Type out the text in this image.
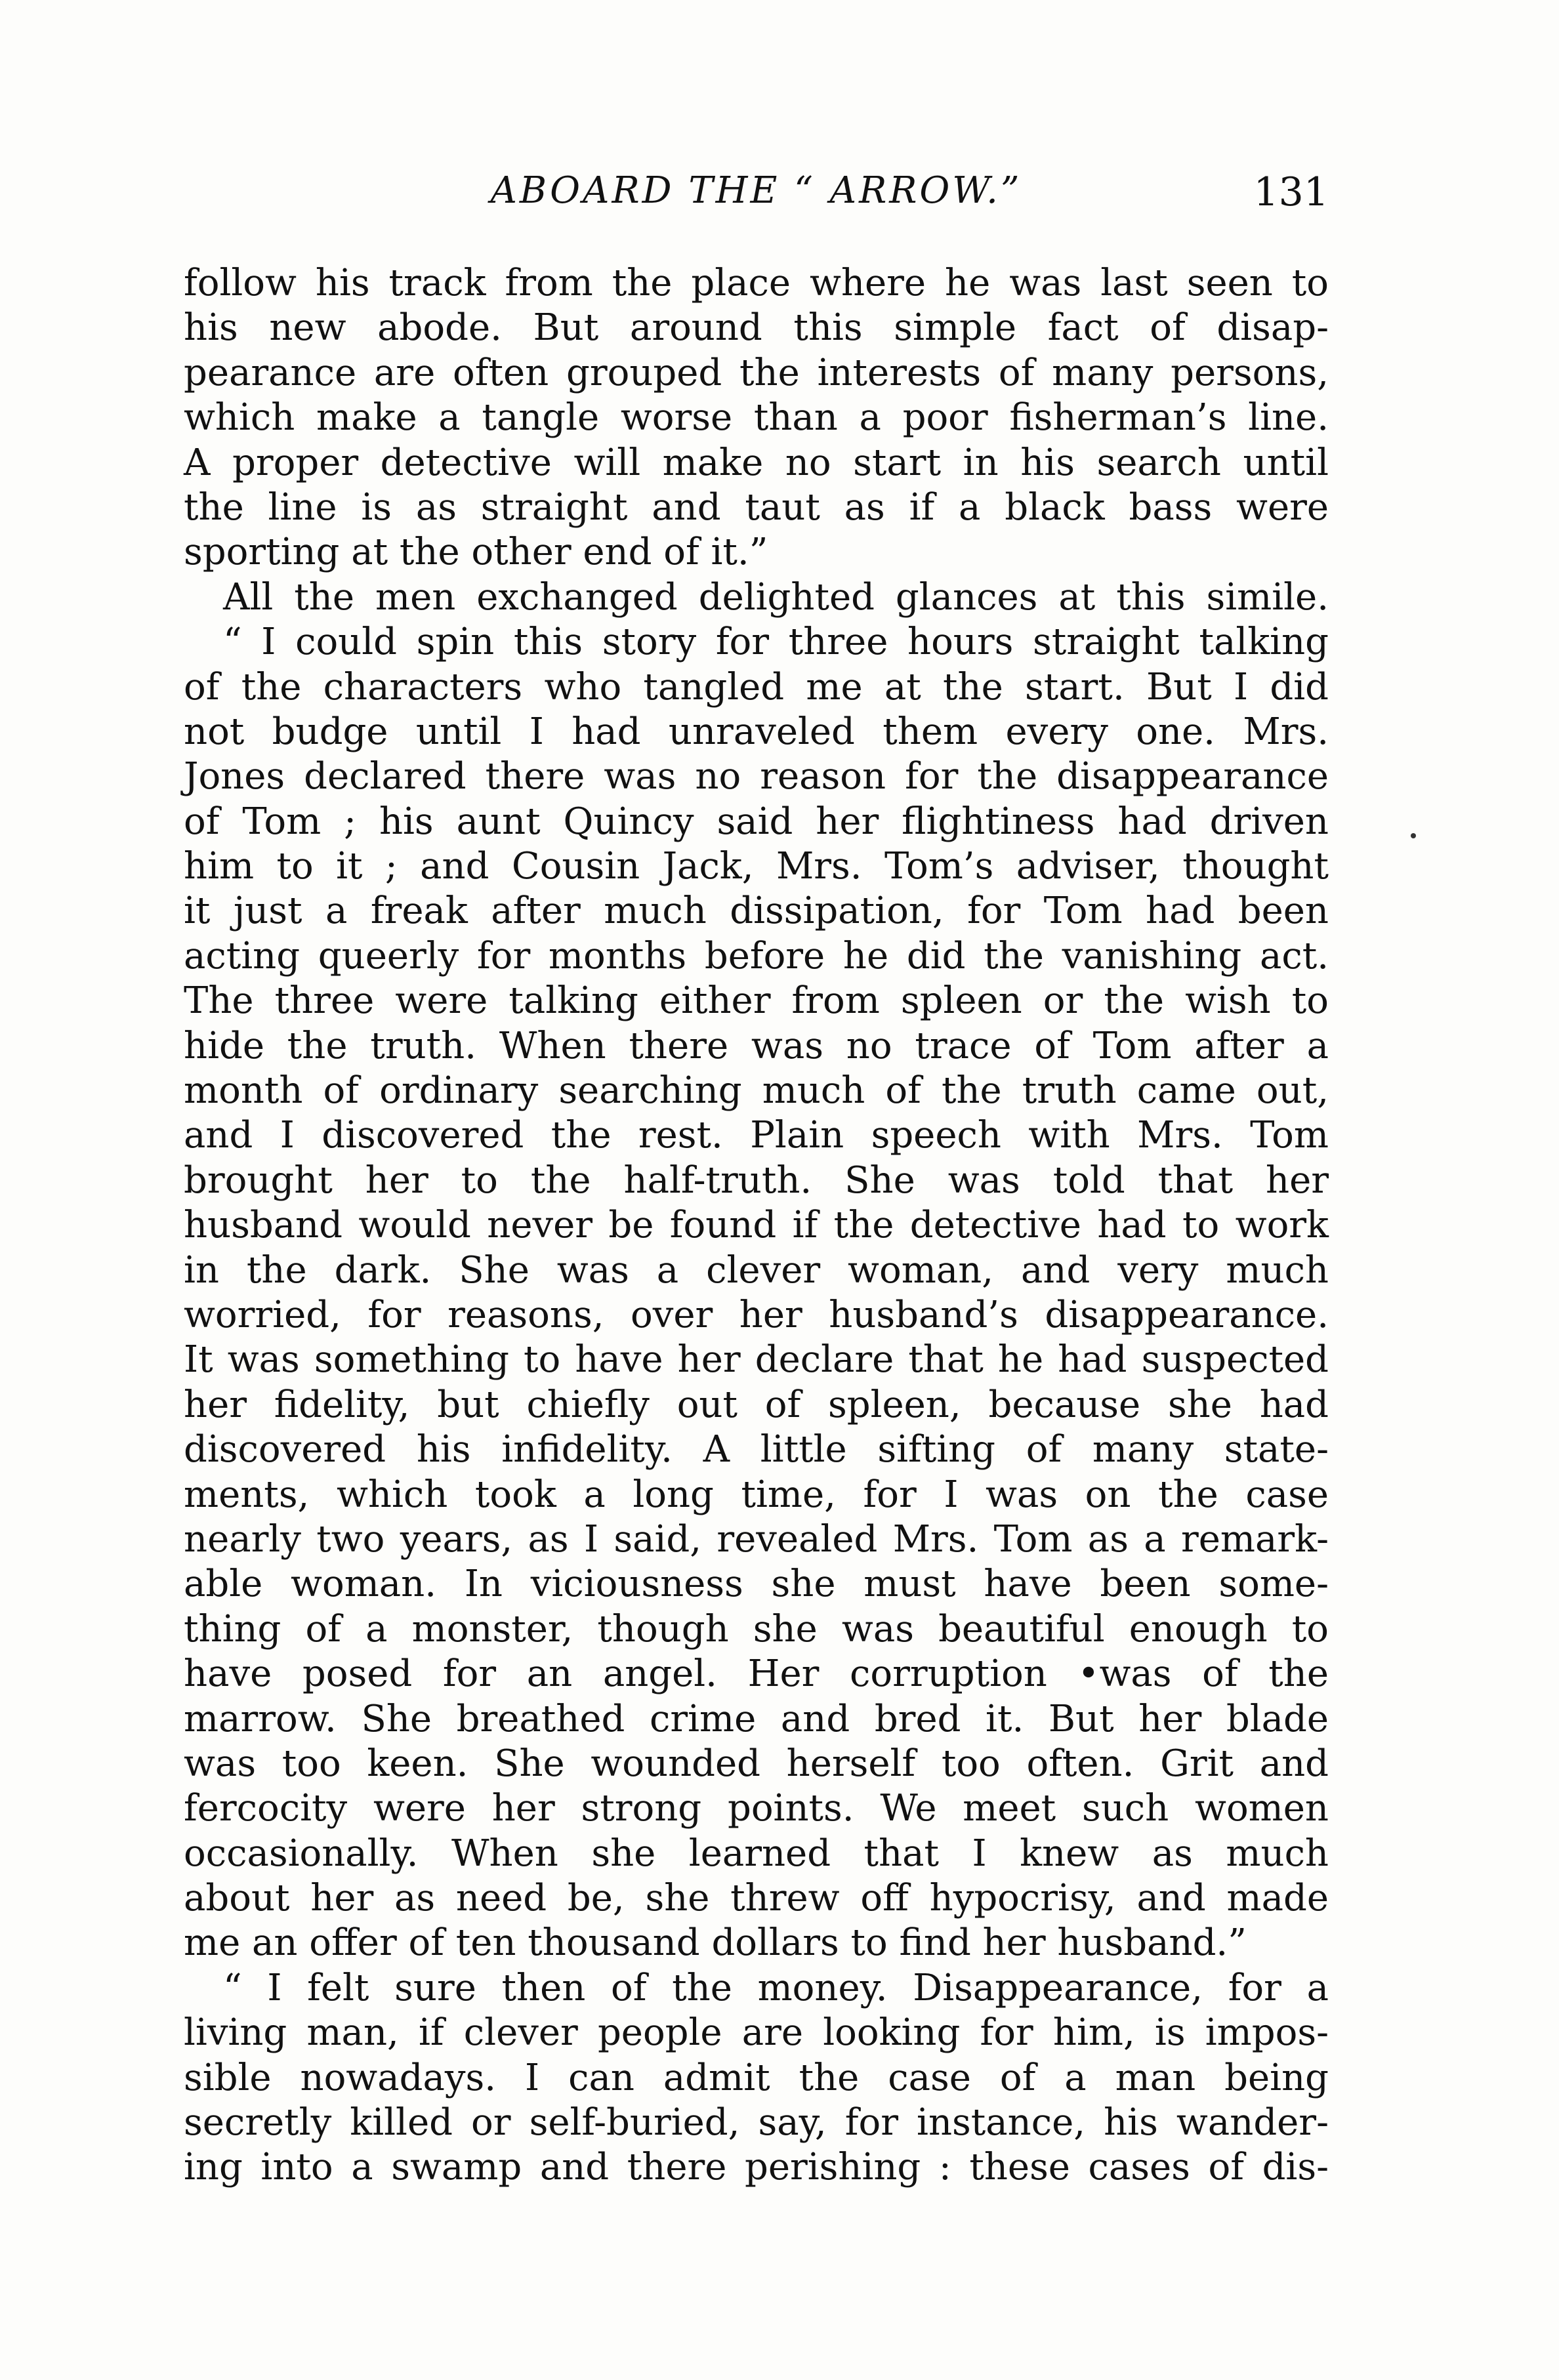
ABOARD THE “ ARROW.”	131
follow his track from the place where he was last seen to
his new abode. But around this simple fact of disap-
pearance are often grouped the interests of many persons,
which make a tangle worse than a poor fisherman’s line.
A proper detective will make no start in his search until
the line is as straight and taut as if a black bass were
sporting at the other end of it.”
All the men exchanged delighted glances at this simile.
“ I could spin this story for three hours straight talking
of the characters who tangled me at the start. But I did
not budge until I had unraveled them every one. Mrs.
Jones declared there was no reason for the disappearance
of Tom ; his aunt Quincy said her flightiness had driven
him to it ; and Cousin Jack, Mrs. Tom’s adviser, thought
it just a freak after much dissipation, for Tom had been
acting queerly for months before he did the vanishing act.
The three were talking either from spleen or the wish to
hide the truth. When there was no trace of Tom after a
month of ordinary searching much of the truth came out,
and I discovered the rest. Plain speech with Mrs. Tom
brought her to the half-truth. She was told that her
husband would never be found if the detective had to work
in the dark. She was a clever woman, and very much
worried, for reasons, over her husband’s disappearance.
It was something to have her declare that he had suspected
her fidelity, but chiefly out of spleen, because she had
discovered his infidelity. A little sifting of many state-
ments, which took a long time, for I was on the case
nearly two years, as I said, revealed Mrs. Tom as a remark-
able woman. In viciousness she must have been some-
thing of a monster, though she was beautiful enough to
have posed for an angel. Her corruption •was of the
marrow. She breathed crime and bred it. But her blade
was too keen. She wounded herself too often. Grit and
fercocity were her strong points. We meet such women
occasionally. When she learned that I knew as much
about her as need be, she threw off hypocrisy, and made
me an offer of ten thousand dollars to find her husband.”
“ I felt sure then of the money. Disappearance, for a
living man, if clever people are looking for him, is impos-
sible nowadays. I can admit the case of a man being
secretly killed or self-buried, say, for instance, his wander-
ing into a swamp and there perishing : these cases of dis-
